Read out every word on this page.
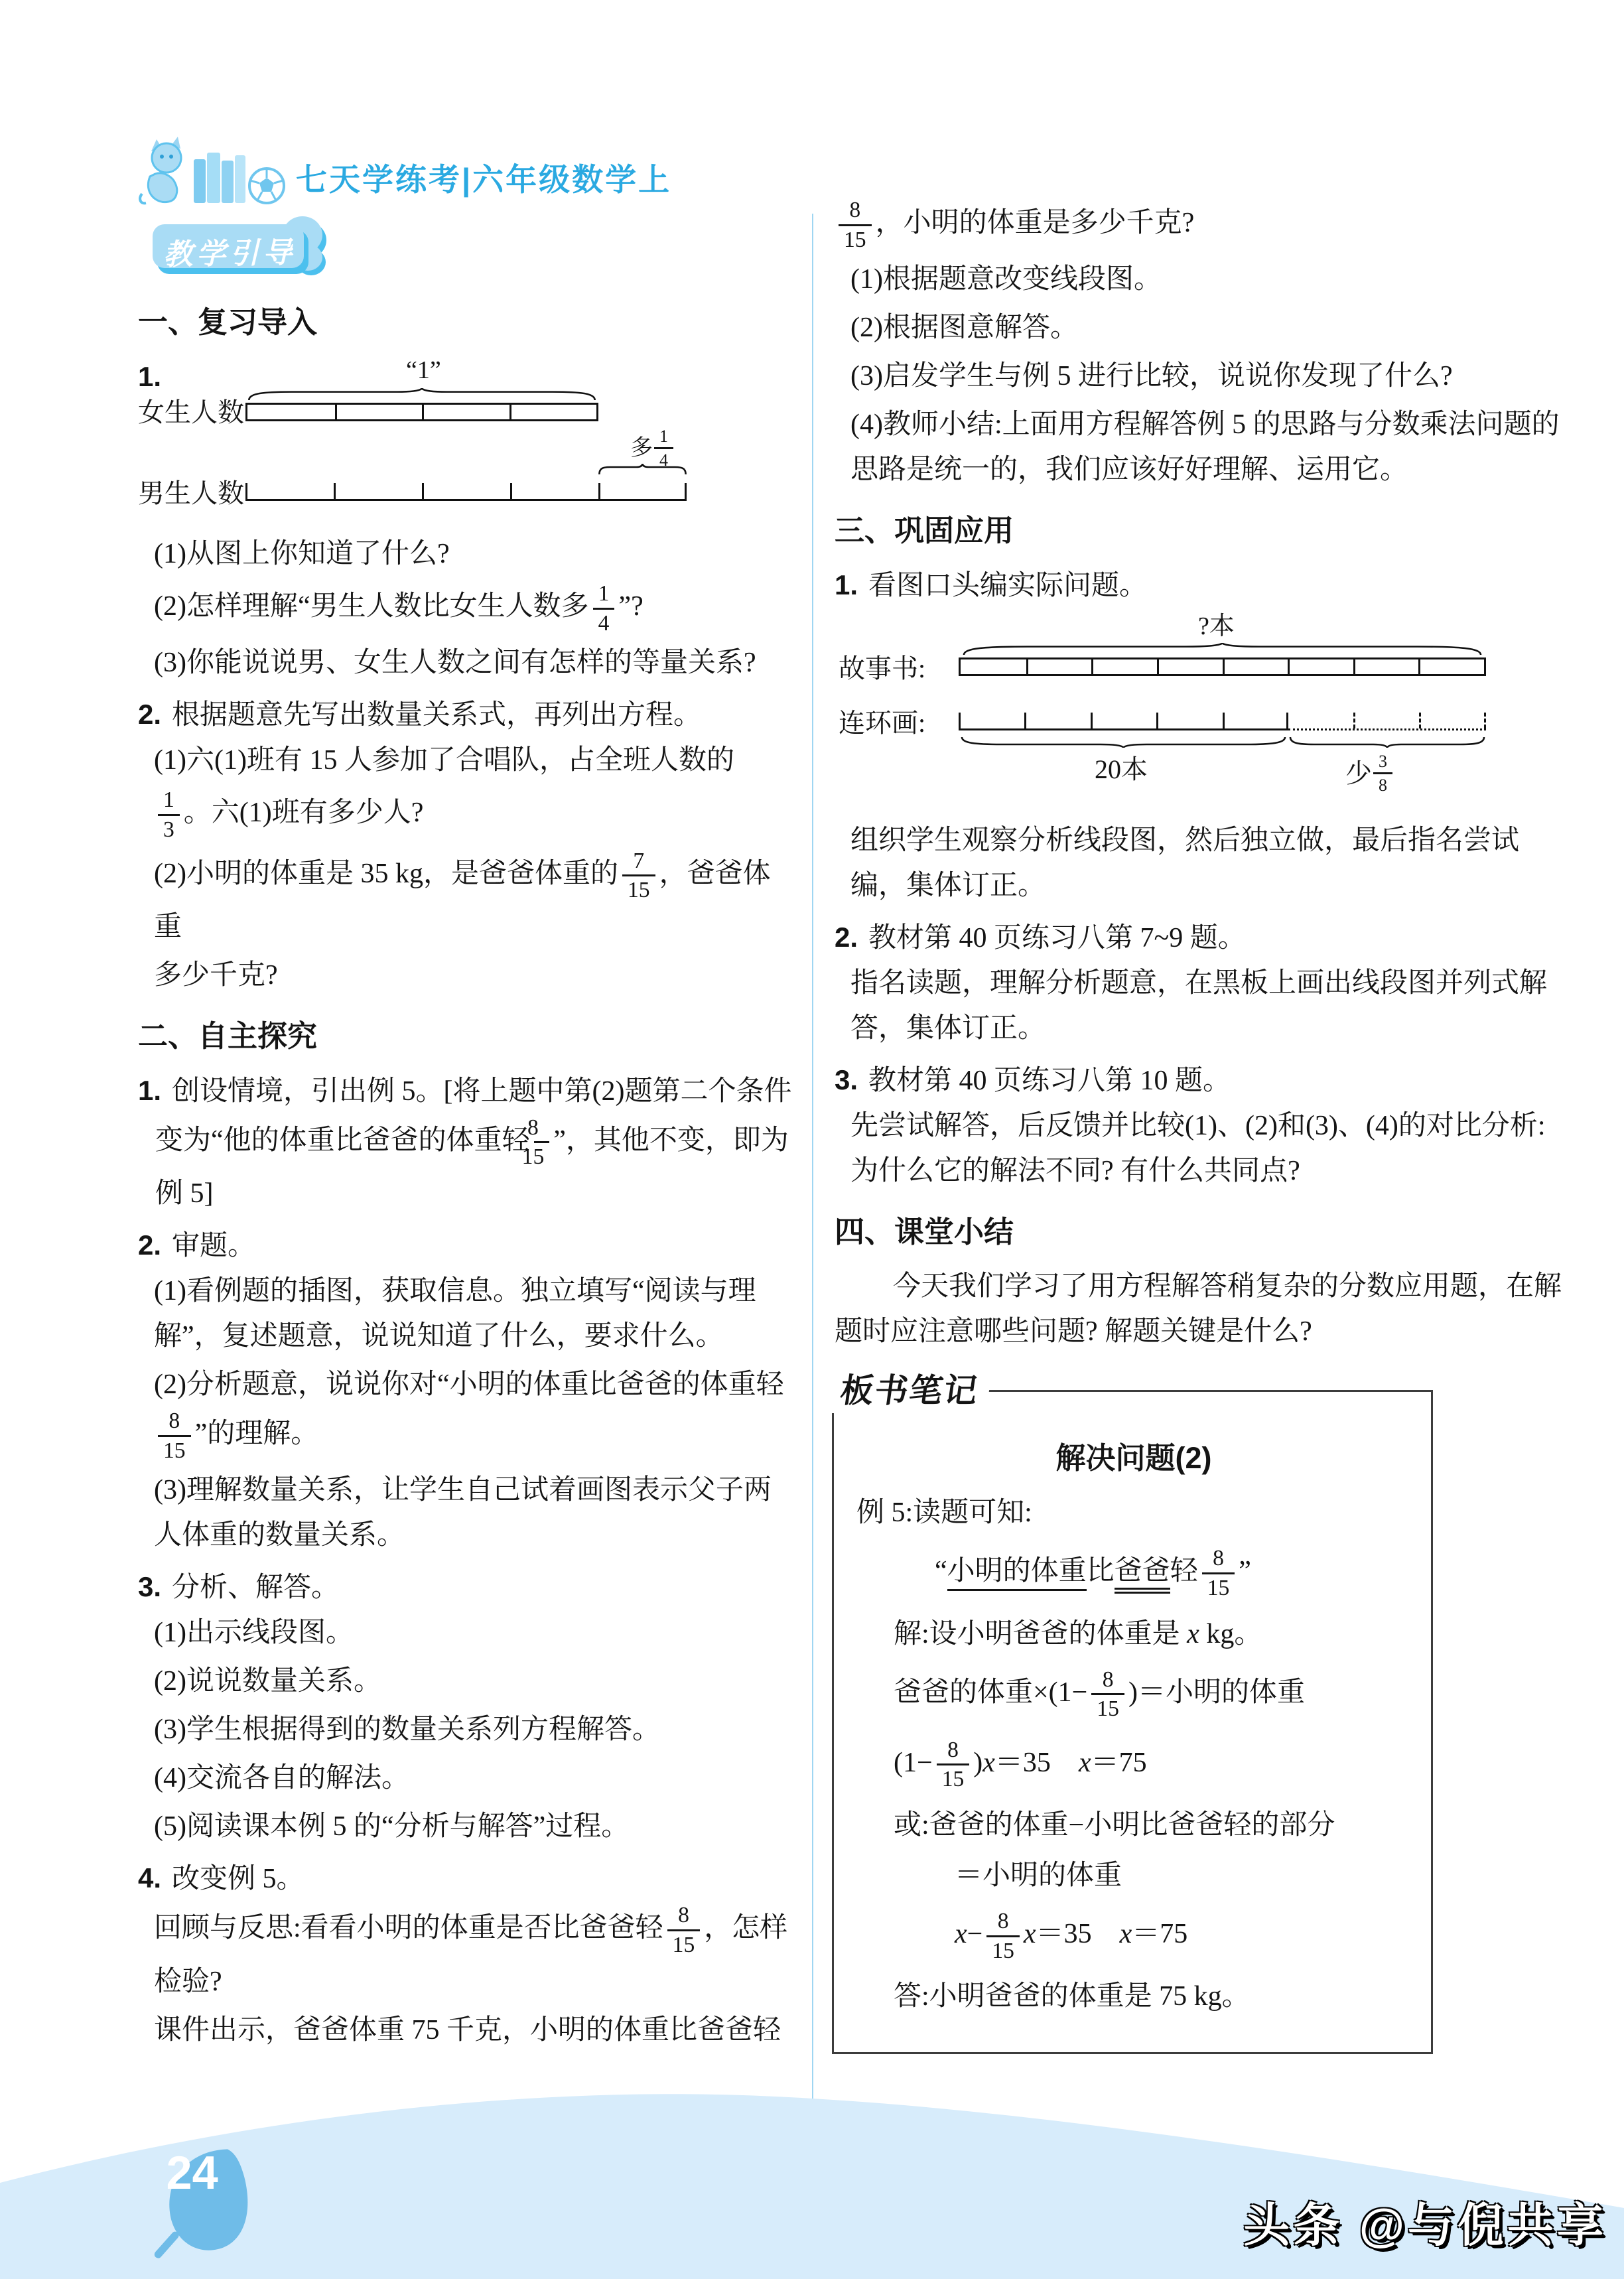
七天学练考|六年级数学上
教学引导
一、复习导入
1.	“1”
女生人数
多 1
4
男生人数
(1)从图上你知道了什么?
(2)怎样理解“男生人数比女生人数多 $\frac{1}{4}$ ”?
(3)你能说说男、女生人数之间有怎样的等量关系?
2. 根据题意先写出数量关系式，再列出方程。
(1)六(1)班有 15 人参加了合唱队，占全班人数的
$\frac{1}{3}$ 。六(1)班有多少人?
(2)小明的体重是 35 kg，是爸爸体重的 $\frac{7}{15}$ ，爸爸体重
多少千克?
二、自主探究
1. 创设情境，引出例 5。[将上题中第(2)题第二个条件变为“他的体重比爸爸的体重轻 $\frac{8}{15}$ ”，其他不变，即为例 5]
2. 审题。
(1)看例题的插图，获取信息。独立填写“阅读与理解”，复述题意，说说知道了什么，要求什么。
(2)分析题意，说说你对“小明的体重比爸爸的体重轻
$\frac{8}{15}$ ”的理解。
(3)理解数量关系，让学生自己试着画图表示父子两人体重的数量关系。
3. 分析、解答。
(1)出示线段图。
(2)说说数量关系。
(3)学生根据得到的数量关系列方程解答。
(4)交流各自的解法。
(5)阅读课本例 5 的“分析与解答”过程。
4. 改变例 5。
回顾与反思:看看小明的体重是否比爸爸轻 $\frac{8}{15}$ ，怎样检验?
课件出示，爸爸体重 75 千克，小明的体重比爸爸轻
$\frac{8}{15}$ ，小明的体重是多少千克?
(1)根据题意改变线段图。
(2)根据图意解答。
(3)启发学生与例 5 进行比较，说说你发现了什么?
(4)教师小结:上面用方程解答例 5 的思路与分数乘法问题的思路是统一的，我们应该好好理解、运用它。
三、巩固应用
1. 看图口头编实际问题。
?本
故事书:
连环画:
20本	少 3
8
组织学生观察分析线段图，然后独立做，最后指名尝试编，集体订正。
2. 教材第 40 页练习八第 7~9 题。
指名读题，理解分析题意，在黑板上画出线段图并列式解答，集体订正。
3. 教材第 40 页练习八第 10 题。
先尝试解答，后反馈并比较(1)、(2)和(3)、(4)的对比分析:为什么它的解法不同? 有什么共同点?
四、课堂小结
今天我们学习了用方程解答稍复杂的分数应用题，在解题时应注意哪些问题? 解题关键是什么?
板书笔记
解决问题(2)
例 5:读题可知:
“小明的体重比爸爸轻 $\frac{8}{15}$ ”
解:设小明爸爸的体重是 x kg。
爸爸的体重$\times(1- \frac{8}{15}$ )＝小明的体重
$(1- \frac{8}{15} )x=35$　x＝75
或:爸爸的体重−小明比爸爸轻的部分
＝小明的体重
$x- \frac{8}{15} x=35$　x＝75
答:小明爸爸的体重是 75 kg。
24
头条 @与倪共享
